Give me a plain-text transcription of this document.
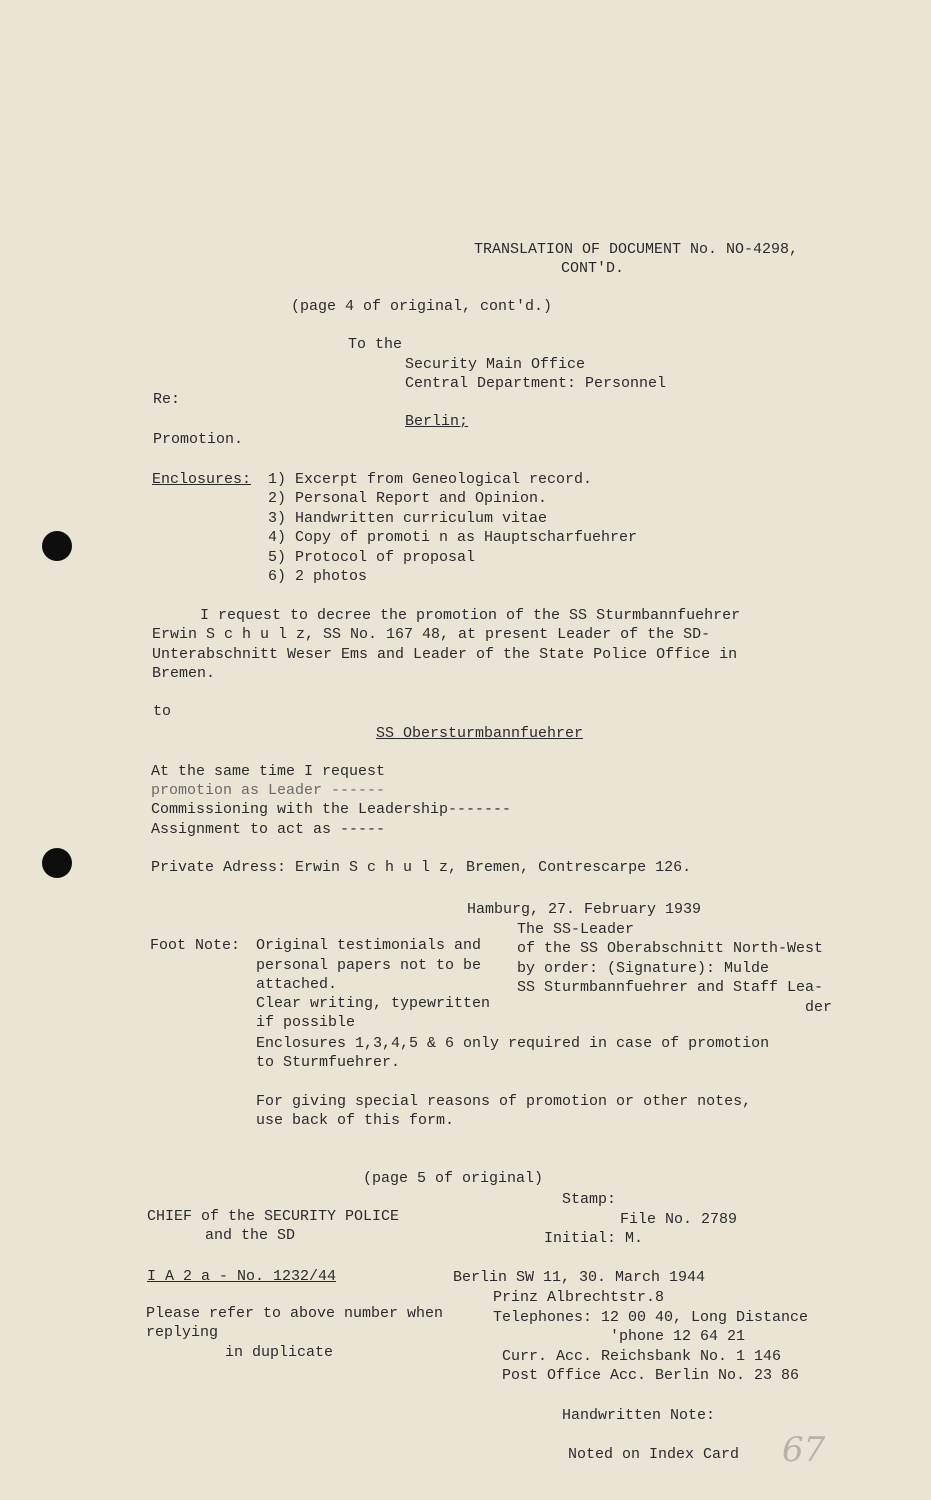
TRANSLATION OF DOCUMENT No. NO-4298,
CONT'D.
(page 4 of original, cont'd.)
To the
Security Main Office
Central Department: Personnel
Re:
Berlin;
Promotion.
Enclosures: 1) Excerpt from Geneological record.
2) Personal Report and Opinion.
3) Handwritten curriculum vitae
4) Copy of promoti n as Hauptscharfuehrer
5) Protocol of proposal
6) 2 photos
I request to decree the promotion of the SS Sturmbannfuehrer
Erwin S c h u l z, SS No. 167 48, at present Leader of the SD-
Unterabschnitt Weser Ems and Leader of the State Police Office in
Bremen.
to
SS Obersturmbannfuehrer
At the same time I request
promotion as Leader ------
Commissioning with the Leadership-------
Assignment to act as -----
Private Adress: Erwin S c h u l z, Bremen, Contrescarpe 126.
Hamburg, 27. February 1939
The SS-Leader
of the SS Oberabschnitt North-West
by order: (Signature): Mulde
SS Sturmbannfuehrer and Staff Lea-
der
Foot Note: Original testimonials and
personal papers not to be
attached.
Clear writing, typewritten
if possible
Enclosures 1,3,4,5 & 6 only required in case of promotion
to Sturmfuehrer.
For giving special reasons of promotion or other notes,
use back of this form.
(page 5 of original)
CHIEF of the SECURITY POLICE
and the SD
Stamp:
File No. 2789
Initial: M.
I A 2 a - No. 1232/44
Please refer to above number when
replying
in duplicate
Berlin SW 11, 30. March 1944
Prinz Albrechtstr.8
Telephones: 12 00 40, Long Distance
'phone 12 64 21
Curr. Acc. Reichsbank No. 1 146
Post Office Acc. Berlin No. 23 86
Handwritten Note:
Noted on Index Card 67
